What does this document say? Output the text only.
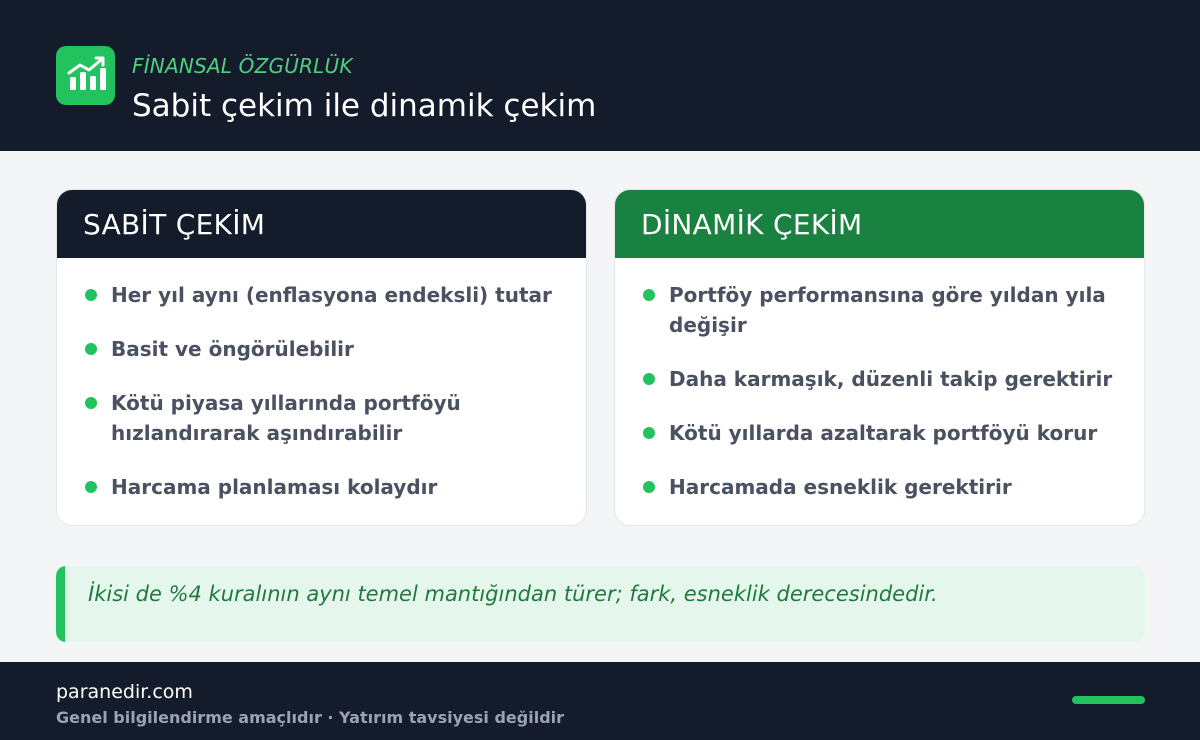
FİNANSAL ÖZGÜRLÜK
Sabit çekim ile dinamik çekim
SABİT ÇEKİM
Her yıl aynı (enflasyona endeksli) tutar
Basit ve öngörülebilir
Kötü piyasa yıllarında portföyü hızlandırarak aşındırabilir
Harcama planlaması kolaydır
DİNAMİK ÇEKİM
Portföy performansına göre yıldan yıla değişir
Daha karmaşık, düzenli takip gerektirir
Kötü yıllarda azaltarak portföyü korur
Harcamada esneklik gerektirir
İkisi de %4 kuralının aynı temel mantığından türer; fark, esneklik derecesindedir.
paranedir.com
Genel bilgilendirme amaçlıdır · Yatırım tavsiyesi değildir
